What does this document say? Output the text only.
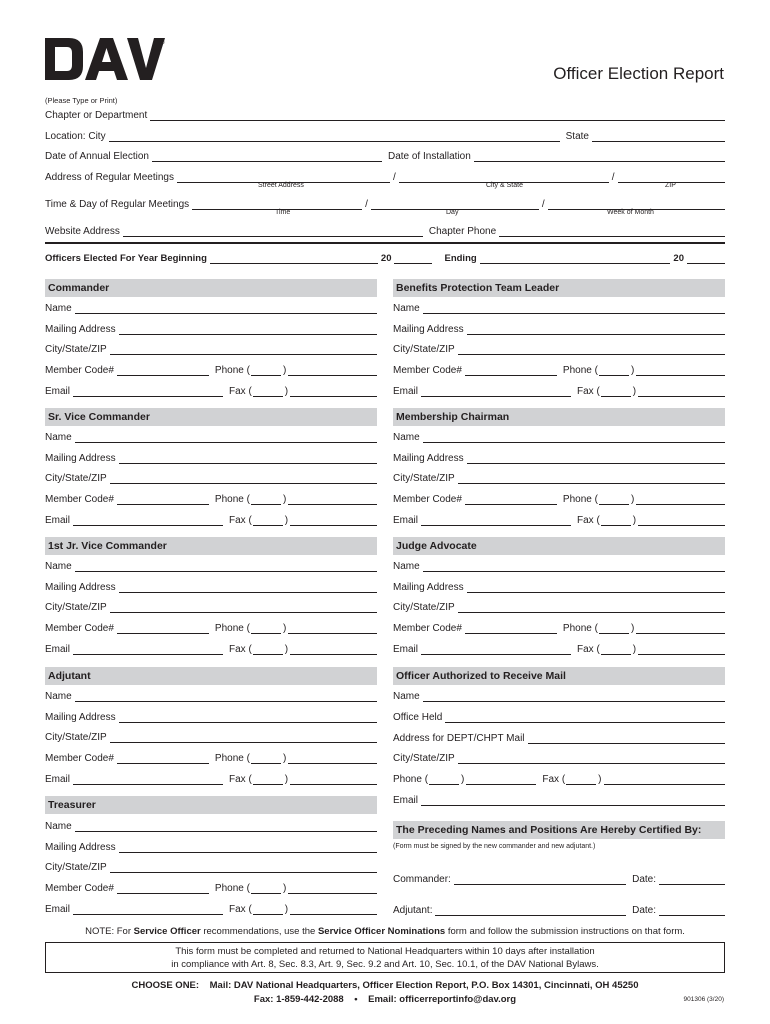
®
Officer Election Report
(Please Type or Print)
Chapter or Department
Location: City	State
Date of Annual Election	Date of Installation
Address of Regular Meetings	/	/
Street Address	City & State	ZIP
Time & Day of Regular Meetings	/	/
Time	Day	Week of Month
Website Address	Chapter Phone
Officers Elected For Year Beginning	20	Ending	20
Commander
Name
Mailing Address
City/State/ZIP
Member Code#	Phone (	)
Email	Fax (	)
Benefits Protection Team Leader
Name
Mailing Address
City/State/ZIP
Member Code#	Phone (	)
Email	Fax (	)
Sr. Vice Commander
Name
Mailing Address
City/State/ZIP
Member Code#	Phone (	)
Email	Fax (	)
Membership Chairman
Name
Mailing Address
City/State/ZIP
Member Code#	Phone (	)
Email	Fax (	)
1st Jr. Vice Commander
Name
Mailing Address
City/State/ZIP
Member Code#	Phone (	)
Email	Fax (	)
Judge Advocate
Name
Mailing Address
City/State/ZIP
Member Code#	Phone (	)
Email	Fax (	)
Adjutant
Name
Mailing Address
City/State/ZIP
Member Code#	Phone (	)
Email	Fax (	)
Officer Authorized to Receive Mail
Name
Office Held
Address for DEPT/CHPT Mail
City/State/ZIP
Phone (	)	Fax (	)
Email
Treasurer
Name
Mailing Address
City/State/ZIP
Member Code#	Phone (	)
Email	Fax (	)
The Preceding Names and Positions Are Hereby Certified By:
(Form must be signed by the new commander and new adjutant.)
Commander:	Date:
Adjutant:	Date:
NOTE: For Service Officer recommendations, use the Service Officer Nominations form and follow the submission instructions on that form.
This form must be completed and returned to National Headquarters within 10 days after installation
in compliance with Art. 8, Sec. 8.3, Art. 9, Sec. 9.2 and Art. 10, Sec. 10.1, of the DAV National Bylaws.
CHOOSE ONE:    Mail: DAV National Headquarters, Officer Election Report, P.O. Box 14301, Cincinnati, OH 45250
Fax: 1-859-442-2088    •    Email: officerreportinfo@dav.org	901306 (3/20)
